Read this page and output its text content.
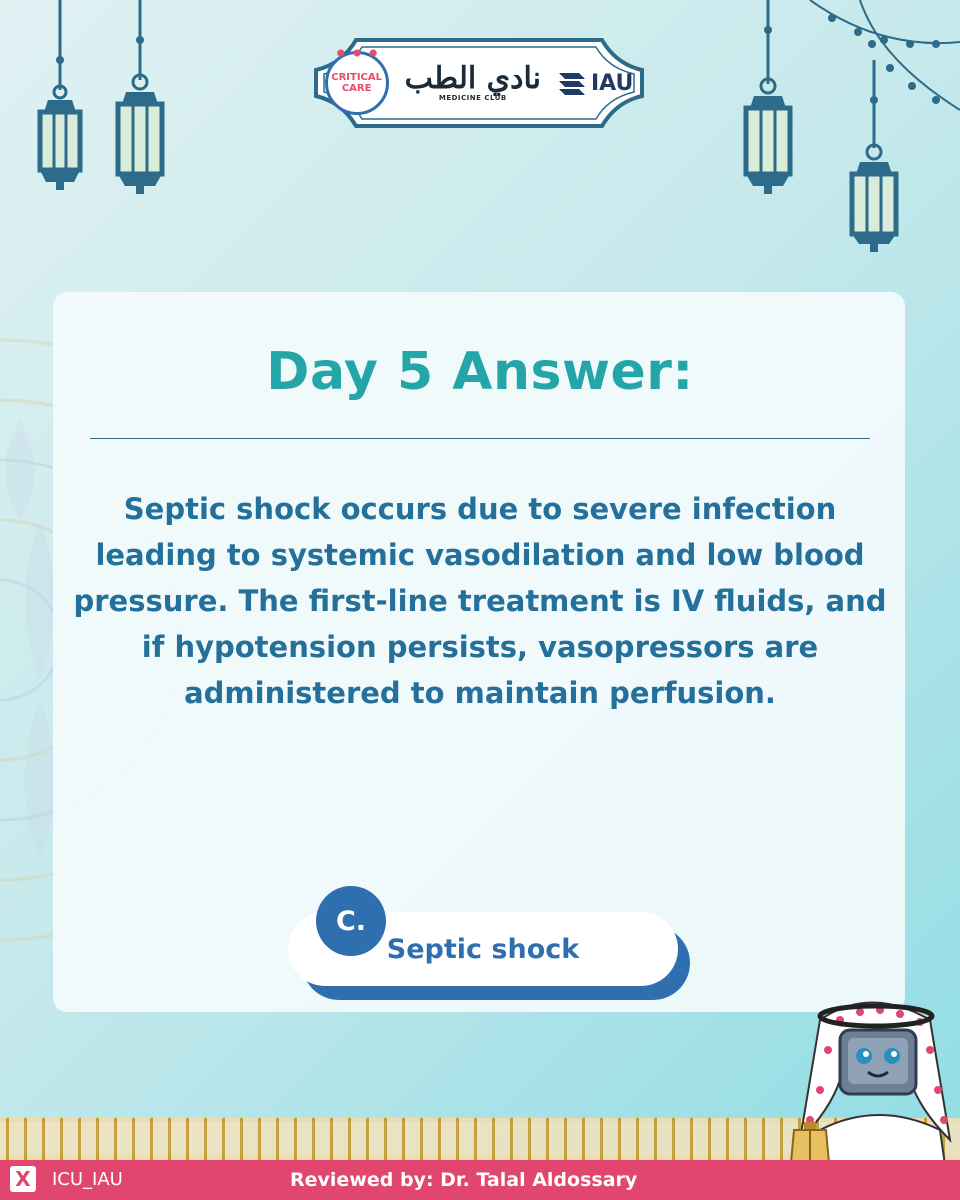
CRITICAL
CARE نادي الطب
MEDICINE CLUB
IAU
Day 5 Answer:
Septic shock occurs due to severe infection leading to systemic vasodilation and low blood pressure. The first-line treatment is IV fluids, and if hypotension persists, vasopressors are administered to maintain perfusion.
Septic shock
C.
X ICU_IAU	Reviewed by: Dr. Talal Aldossary
